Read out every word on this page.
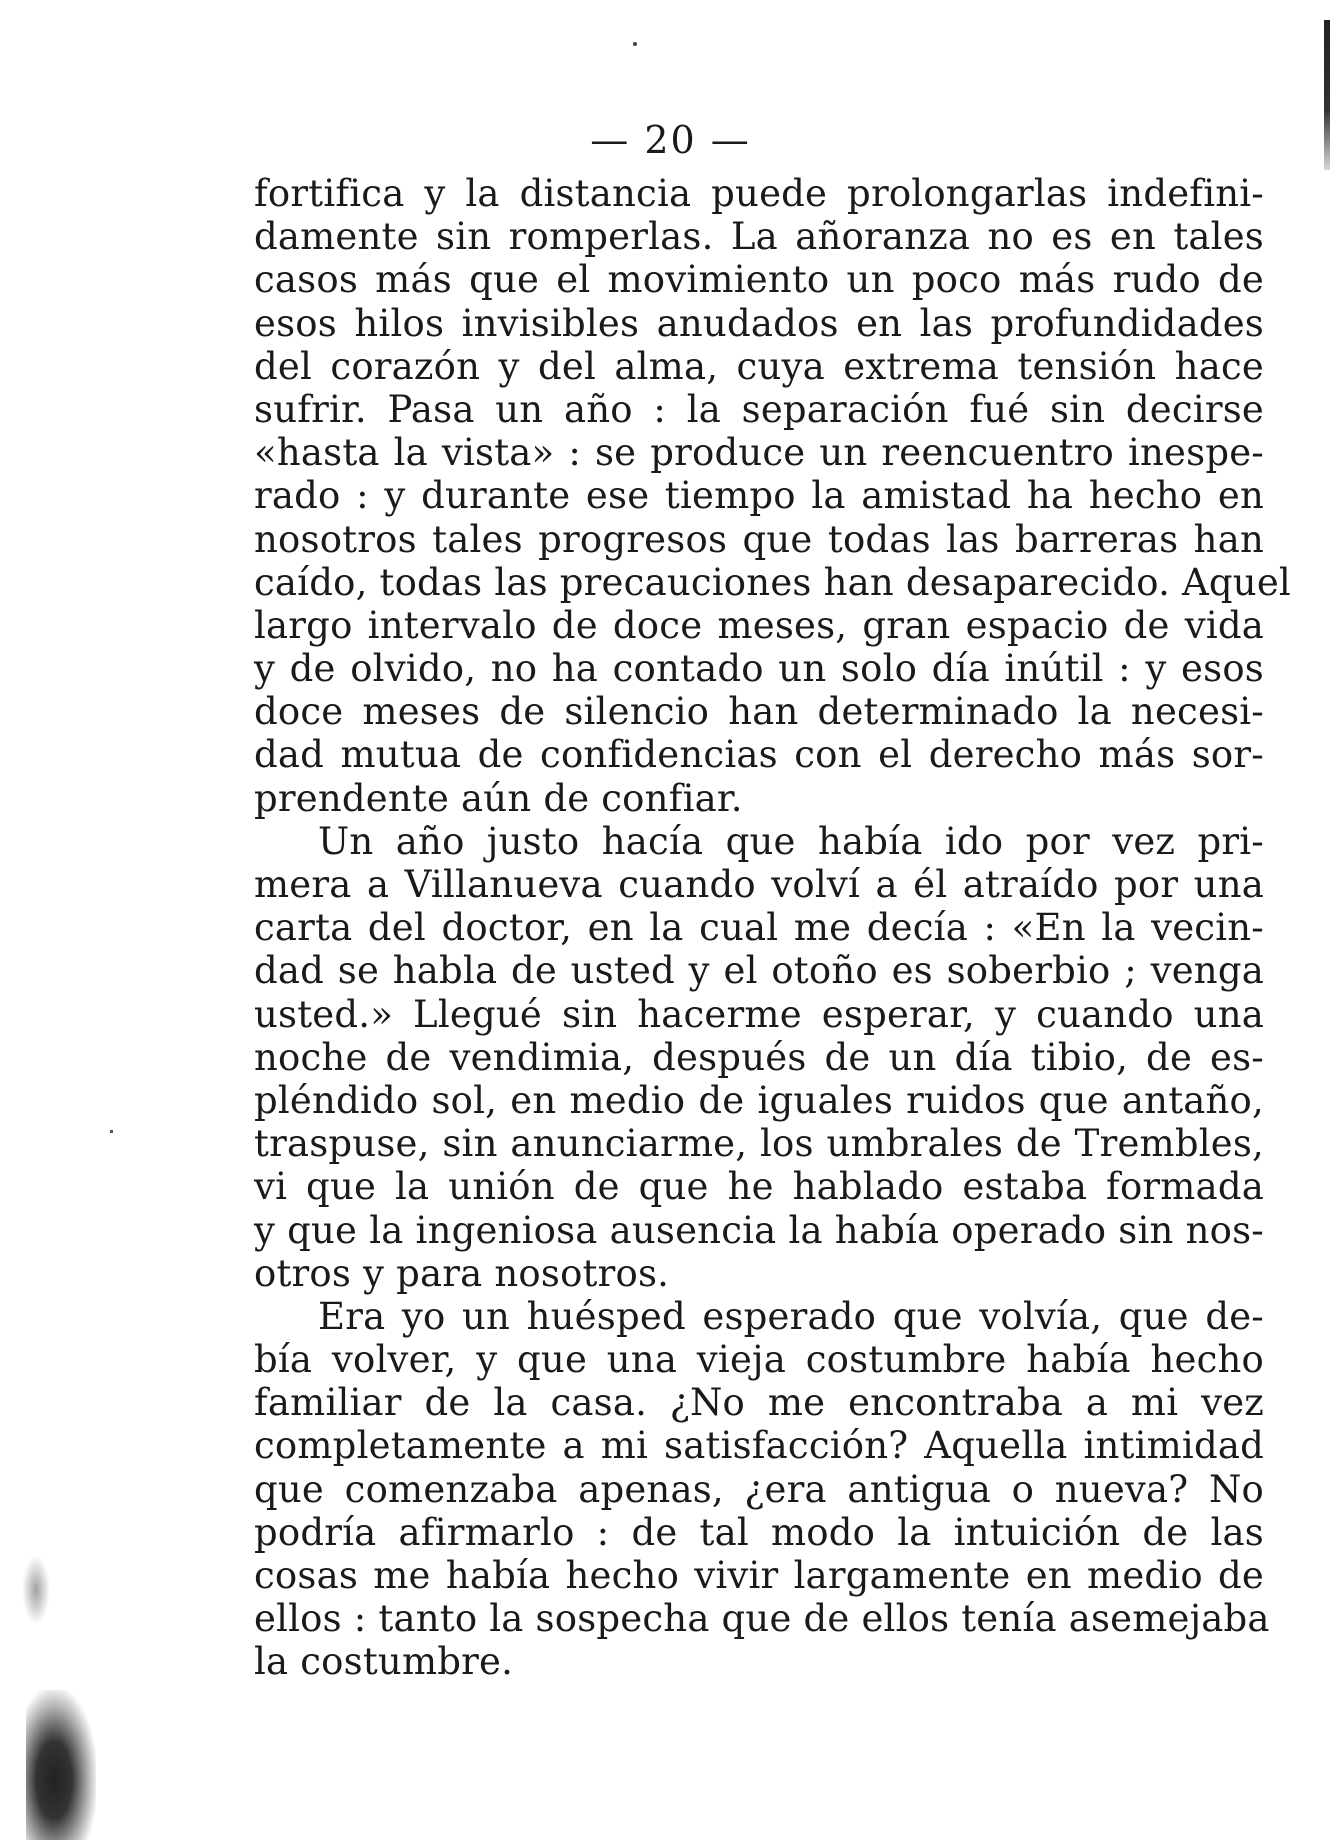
— 20 —
fortifica y la distancia puede prolongarlas indefini-
damente sin romperlas. La añoranza no es en tales
casos más que el movimiento un poco más rudo de
esos hilos invisibles anudados en las profundidades
del corazón y del alma, cuya extrema tensión hace
sufrir. Pasa un año : la separación fué sin decirse
«hasta la vista» : se produce un reencuentro inespe-
rado : y durante ese tiempo la amistad ha hecho en
nosotros tales progresos que todas las barreras han
caído, todas las precauciones han desaparecido. Aquel
largo intervalo de doce meses, gran espacio de vida
y de olvido, no ha contado un solo día inútil : y esos
doce meses de silencio han determinado la necesi-
dad mutua de confidencias con el derecho más sor-
prendente aún de confiar.
Un año justo hacía que había ido por vez pri-
mera a Villanueva cuando volví a él atraído por una
carta del doctor, en la cual me decía : «En la vecin-
dad se habla de usted y el otoño es soberbio ; venga
usted.» Llegué sin hacerme esperar, y cuando una
noche de vendimia, después de un día tibio, de es-
pléndido sol, en medio de iguales ruidos que antaño,
traspuse, sin anunciarme, los umbrales de Trembles,
vi que la unión de que he hablado estaba formada
y que la ingeniosa ausencia la había operado sin nos-
otros y para nosotros.
Era yo un huésped esperado que volvía, que de-
bía volver, y que una vieja costumbre había hecho
familiar de la casa. ¿No me encontraba a mi vez
completamente a mi satisfacción? Aquella intimidad
que comenzaba apenas, ¿era antigua o nueva? No
podría afirmarlo : de tal modo la intuición de las
cosas me había hecho vivir largamente en medio de
ellos : tanto la sospecha que de ellos tenía asemejaba
la costumbre.
